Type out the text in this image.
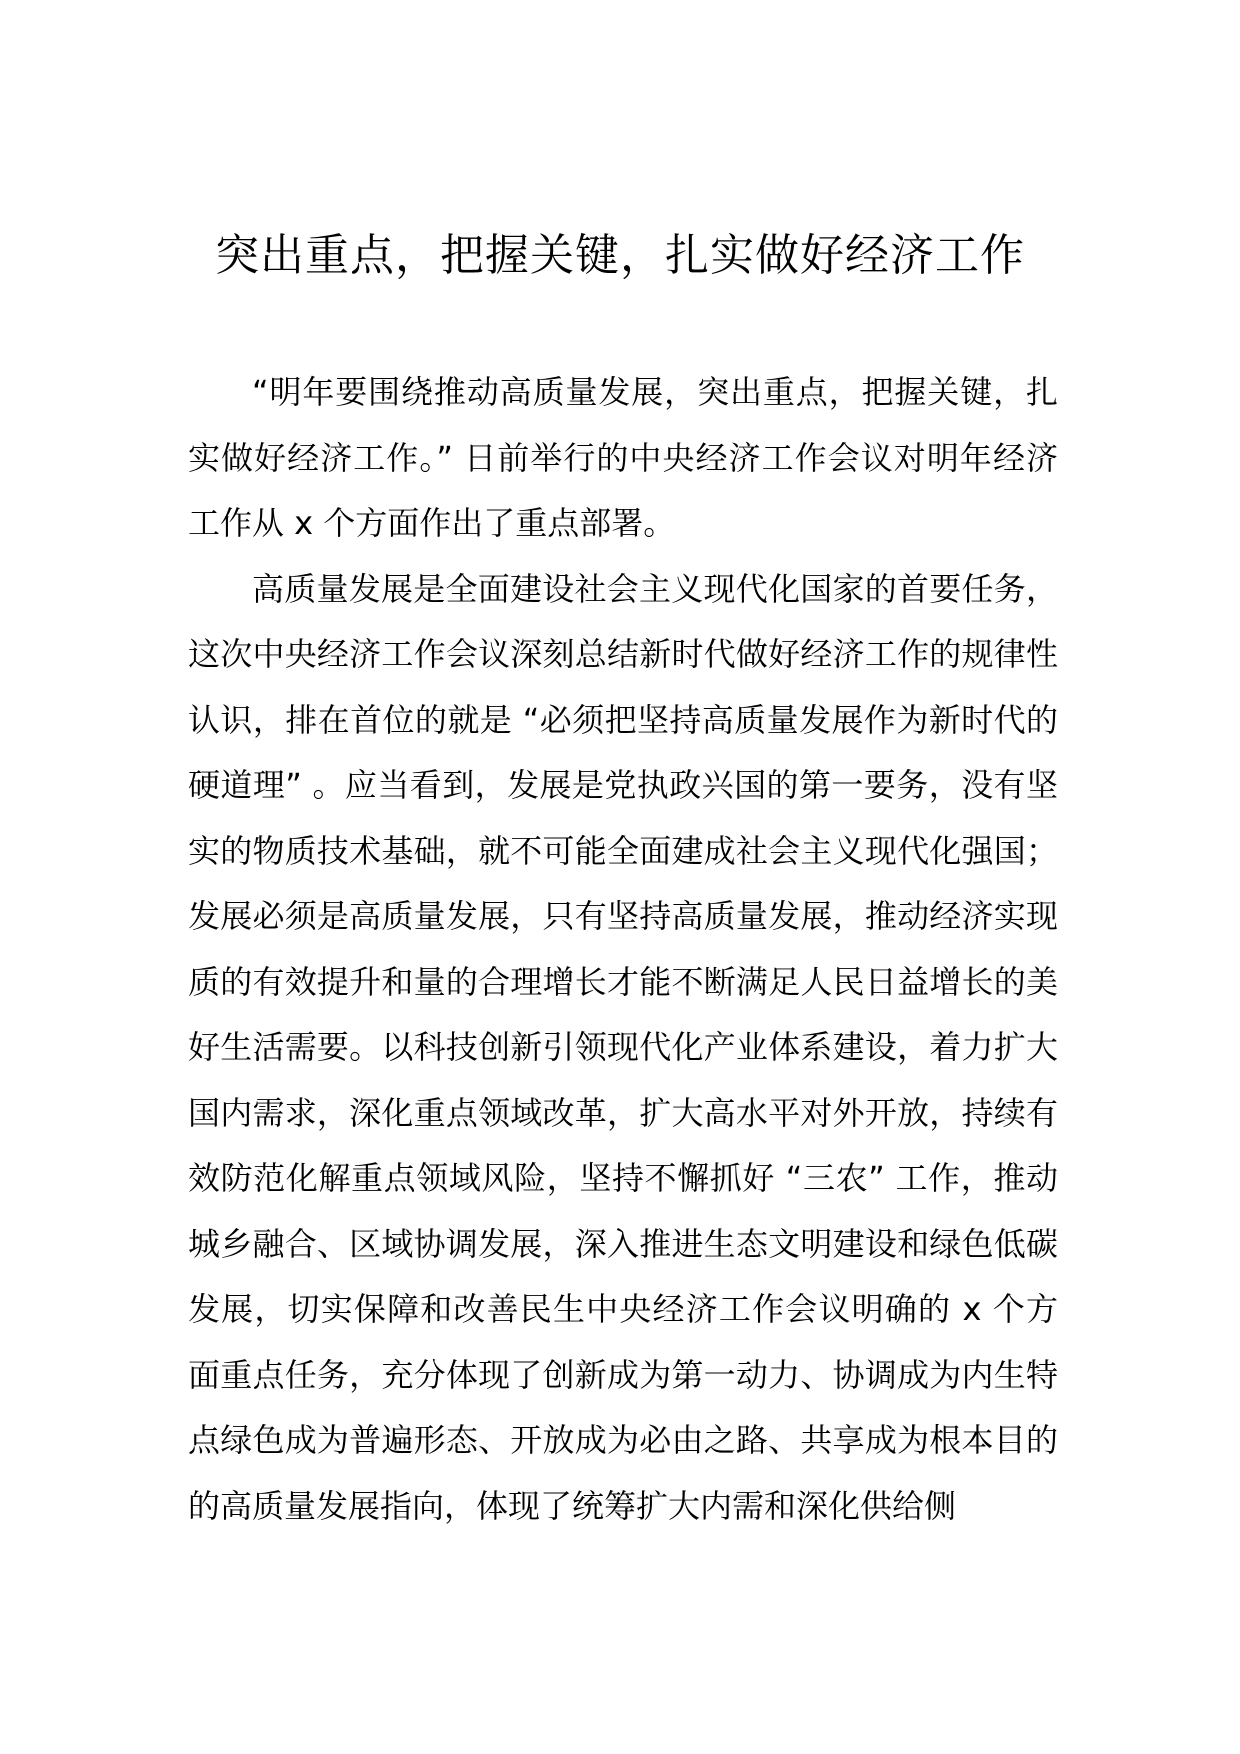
突出重点，把握关键，扎实做好经济工作

“明年要围绕推动高质量发展，突出重点，把握关键，扎实做好经济工作。” 日前举行的中央经济工作会议对明年经济工作从 x 个方面作出了重点部署。

高质量发展是全面建设社会主义现代化国家的首要任务，这次中央经济工作会议深刻总结新时代做好经济工作的规律性认识，排在首位的就是 “必须把坚持高质量发展作为新时代的硬道理” 。应当看到，发展是党执政兴国的第一要务，没有坚实的物质技术基础，就不可能全面建成社会主义现代化强国；发展必须是高质量发展，只有坚持高质量发展，推动经济实现质的有效提升和量的合理增长才能不断满足人民日益增长的美好生活需要。以科技创新引领现代化产业体系建设，着力扩大国内需求，深化重点领域改革，扩大高水平对外开放，持续有效防范化解重点领域风险，坚持不懈抓好 “三农” 工作，推动城乡融合、区域协调发展，深入推进生态文明建设和绿色低碳发展，切实保障和改善民生中央经济工作会议明确的 x 个方面重点任务，充分体现了创新成为第一动力、协调成为内生特点绿色成为普遍形态、开放成为必由之路、共享成为根本目的的高质量发展指向，体现了统筹扩大内需和深化供给侧
